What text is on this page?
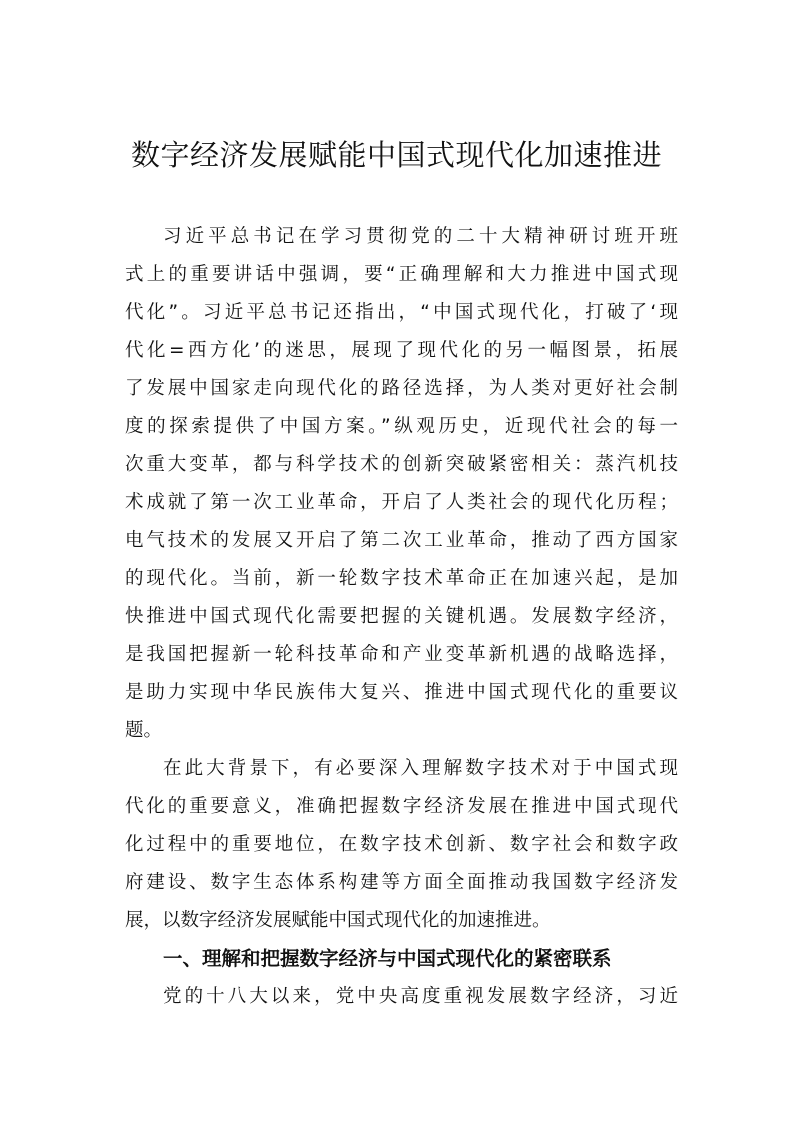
数字经济发展赋能中国式现代化加速推进
习近平总书记在学习贯彻党的二十大精神研讨班开班
式上的重要讲话中强调，要“正确理解和大力推进中国式现
代化”。习近平总书记还指出，“中国式现代化，打破了‘现
代化=西方化’的迷思，展现了现代化的另一幅图景，拓展
了发展中国家走向现代化的路径选择，为人类对更好社会制
度的探索提供了中国方案。”纵观历史，近现代社会的每一
次重大变革，都与科学技术的创新突破紧密相关：蒸汽机技
术成就了第一次工业革命，开启了人类社会的现代化历程；
电气技术的发展又开启了第二次工业革命，推动了西方国家
的现代化。当前，新一轮数字技术革命正在加速兴起，是加
快推进中国式现代化需要把握的关键机遇。发展数字经济，
是我国把握新一轮科技革命和产业变革新机遇的战略选择，
是助力实现中华民族伟大复兴、推进中国式现代化的重要议
题。
在此大背景下，有必要深入理解数字技术对于中国式现
代化的重要意义，准确把握数字经济发展在推进中国式现代
化过程中的重要地位，在数字技术创新、数字社会和数字政
府建设、数字生态体系构建等方面全面推动我国数字经济发
展，以数字经济发展赋能中国式现代化的加速推进。
一、理解和把握数字经济与中国式现代化的紧密联系
党的十八大以来，党中央高度重视发展数字经济，习近
